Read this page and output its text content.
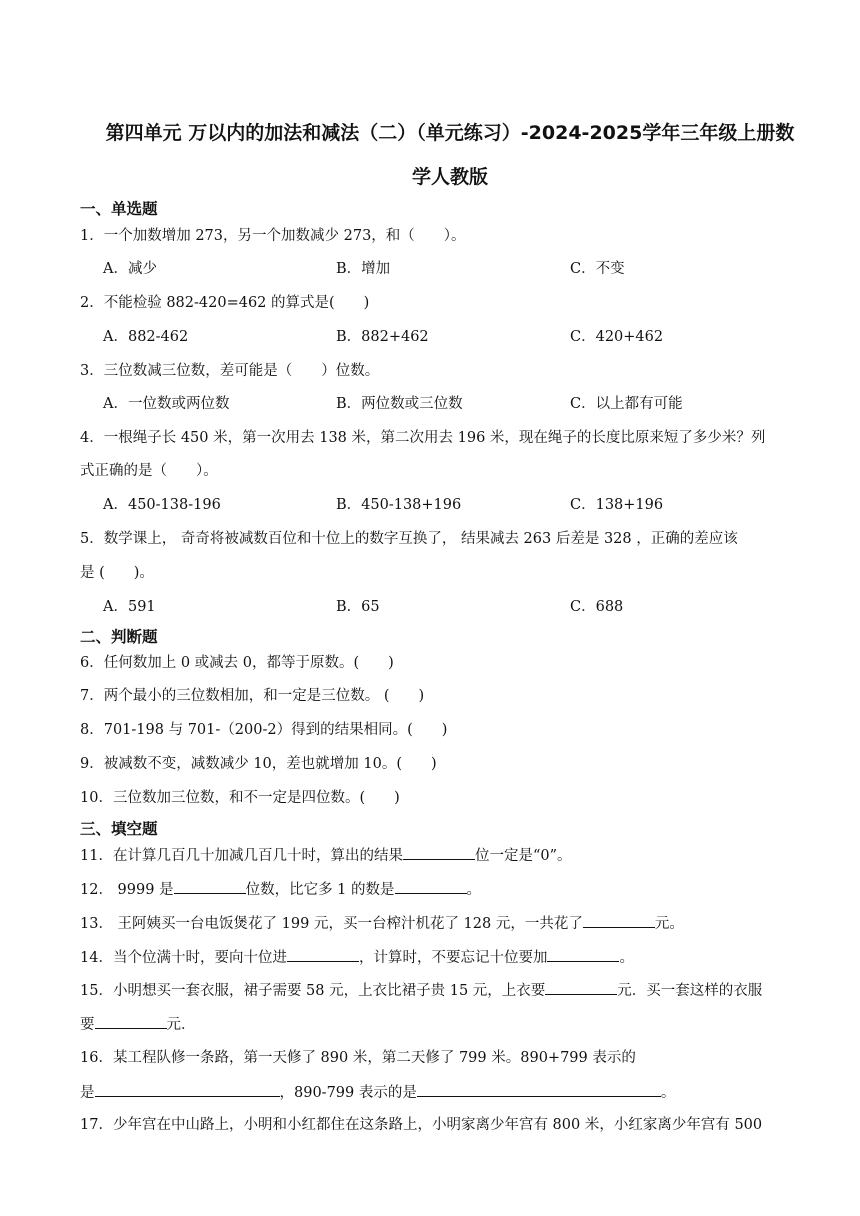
第四单元 万以内的加法和减法（二）（单元练习）-2024-2025学年三年级上册数
学人教版
一、单选题
1．一个加数增加 273，另一个加数减少 273，和（　　）。
A．减少	B．增加	C．不变
2．不能检验 882-420=462 的算式是(　　)
A．882-462	B．882+462	C．420+462
3．三位数减三位数，差可能是（　　）位数。
A．一位数或两位数	B．两位数或三位数	C．以上都有可能
4．一根绳子长 450 米，第一次用去 138 米，第二次用去 196 米，现在绳子的长度比原来短了多少米？列
式正确的是（　　）。
A．450-138-196	B．450-138+196	C．138+196
5．数学课上， 奇奇将被减数百位和十位上的数字互换了， 结果减去 263 后差是 328 ，正确的差应该
是 (　　)。
A．591	B．65	C．688
二、判断题
6．任何数加上 0 或减去 0，都等于原数。(　　)
7．两个最小的三位数相加，和一定是三位数。 (　　)
8．701-198 与 701-（200-2）得到的结果相同。(　　)
9．被减数不变，减数减少 10，差也就增加 10。(　　)
10．三位数加三位数，和不一定是四位数。(　　)
三、填空题
11．在计算几百几十加减几百几十时，算出的结果	位一定是“0”。
12． 9999 是	位数，比它多 1 的数是	。
13． 王阿姨买一台电饭煲花了 199 元，买一台榨汁机花了 128 元，一共花了	元。
14．当个位满十时，要向十位进	，计算时，不要忘记十位要加	。
15．小明想买一套衣服，裙子需要 58 元，上衣比裙子贵 15 元，上衣要	元．买一套这样的衣服
要	元．
16．某工程队修一条路，第一天修了 890 米，第二天修了 799 米。890+799 表示的
是	，890-799 表示的是	。
17．少年宫在中山路上，小明和小红都住在这条路上，小明家离少年宫有 800 米，小红家离少年宫有 500
